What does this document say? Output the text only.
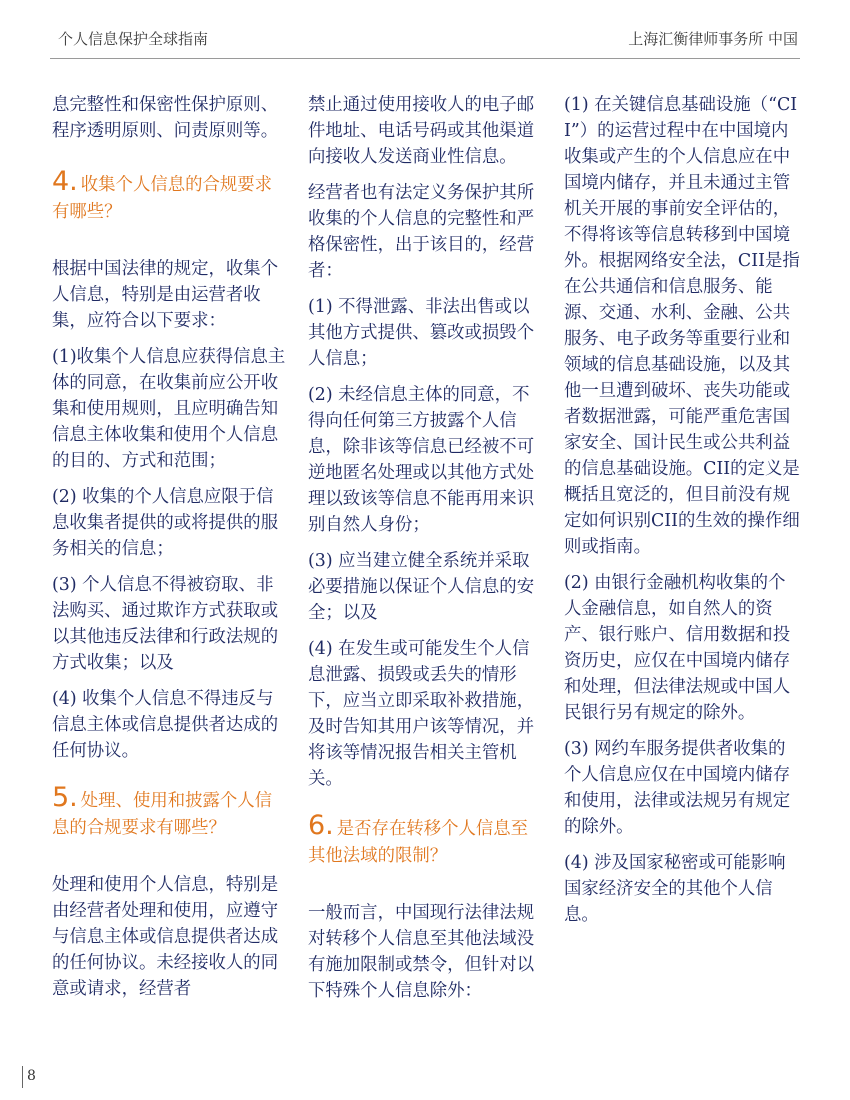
个人信息保护全球指南	上海汇衡律师事务所 中国

息完整性和保密性保护原则、程序透明原则、问责原则等。

4. 收集个人信息的合规要求有哪些？

根据中国法律的规定，收集个人信息，特别是由运营者收集，应符合以下要求：

(1)收集个人信息应获得信息主体的同意，在收集前应公开收集和使用规则，且应明确告知信息主体收集和使用个人信息的目的、方式和范围；

(2) 收集的个人信息应限于信息收集者提供的或将提供的服务相关的信息；

(3) 个人信息不得被窃取、非法购买、通过欺诈方式获取或以其他违反法律和行政法规的方式收集；以及

(4) 收集个人信息不得违反与信息主体或信息提供者达成的任何协议。

5. 处理、使用和披露个人信息的合规要求有哪些？

处理和使用个人信息，特别是由经营者处理和使用，应遵守与信息主体或信息提供者达成的任何协议。未经接收人的同意或请求，经营者

禁止通过使用接收人的电子邮件地址、电话号码或其他渠道向接收人发送商业性信息。

经营者也有法定义务保护其所收集的个人信息的完整性和严格保密性，出于该目的，经营者：

(1) 不得泄露、非法出售或以其他方式提供、篡改或损毁个人信息；

(2) 未经信息主体的同意，不得向任何第三方披露个人信息，除非该等信息已经被不可逆地匿名处理或以其他方式处理以致该等信息不能再用来识别自然人身份；

(3) 应当建立健全系统并采取必要措施以保证个人信息的安全；以及

(4) 在发生或可能发生个人信息泄露、损毁或丢失的情形下，应当立即采取补救措施，及时告知其用户该等情况，并将该等情况报告相关主管机关。

6. 是否存在转移个人信息至其他法域的限制？

一般而言，中国现行法律法规对转移个人信息至其他法域没有施加限制或禁令，但针对以下特殊个人信息除外：

(1) 在关键信息基础设施（“CII”）的运营过程中在中国境内收集或产生的个人信息应在中国境内储存，并且未通过主管机关开展的事前安全评估的，不得将该等信息转移到中国境外。根据网络安全法，CII是指在公共通信和信息服务、能源、交通、水利、金融、公共服务、电子政务等重要行业和领域的信息基础设施，以及其他一旦遭到破坏、丧失功能或者数据泄露，可能严重危害国家安全、国计民生或公共利益的信息基础设施。CII的定义是概括且宽泛的，但目前没有规定如何识别CII的生效的操作细则或指南。

(2) 由银行金融机构收集的个人金融信息，如自然人的资产、银行账户、信用数据和投资历史，应仅在中国境内储存和处理，但法律法规或中国人民银行另有规定的除外。

(3) 网约车服务提供者收集的个人信息应仅在中国境内储存和使用，法律或法规另有规定的除外。

(4) 涉及国家秘密或可能影响国家经济安全的其他个人信息。

8
